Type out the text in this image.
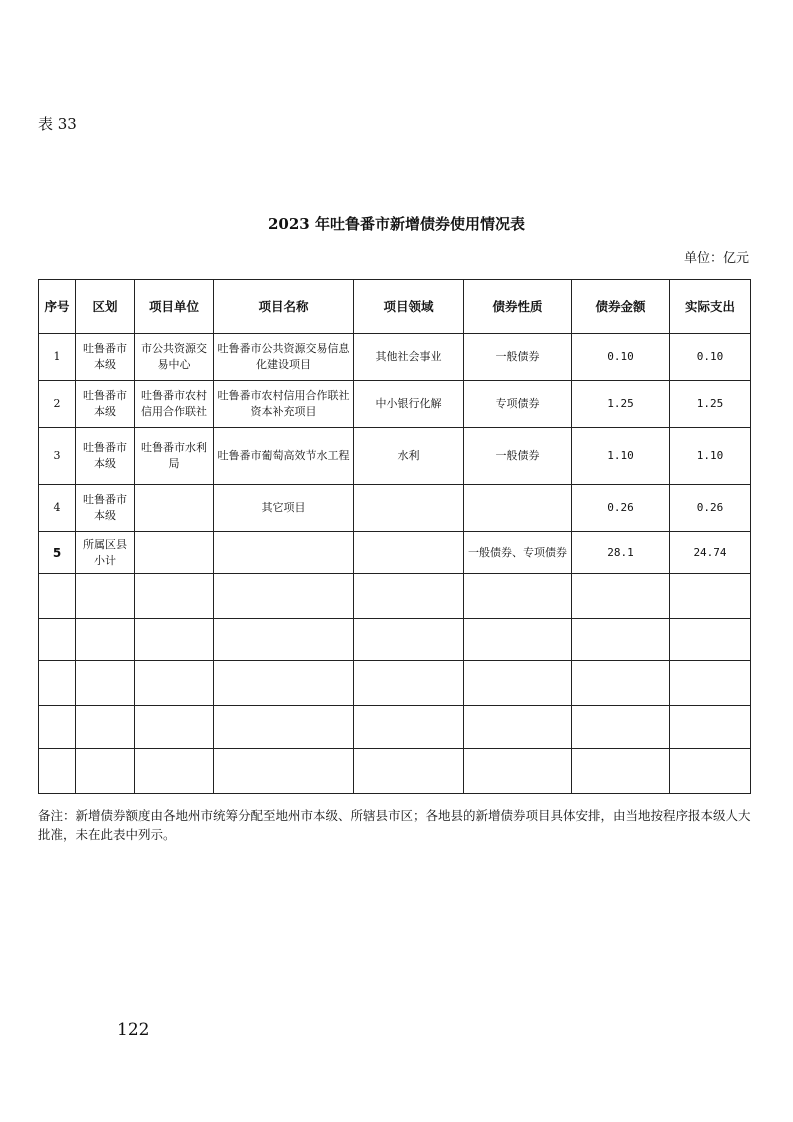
表 33
2023 年吐鲁番市新增债券使用情况表
单位：亿元
序号	区划	项目单位	项目名称	项目领域	债券性质	债券金额	实际支出
1	吐鲁番市本级	市公共资源交易中心	吐鲁番市公共资源交易信息化建设项目	其他社会事业	一般债券	0.10	0.10
2	吐鲁番市本级	吐鲁番市农村信用合作联社	吐鲁番市农村信用合作联社资本补充项目	中小银行化解	专项债券	1.25	1.25
3	吐鲁番市本级	吐鲁番市水利局	吐鲁番市葡萄高效节水工程	水利	一般债券	1.10	1.10
4	吐鲁番市本级		其它项目			0.26	0.26
5	所属区县小计				一般债券、专项债券	28.1	24.74

备注：新增债券额度由各地州市统筹分配至地州市本级、所辖县市区；各地县的新增债券项目具体安排，由当地按程序报本级人大批准，未在此表中列示。
122
